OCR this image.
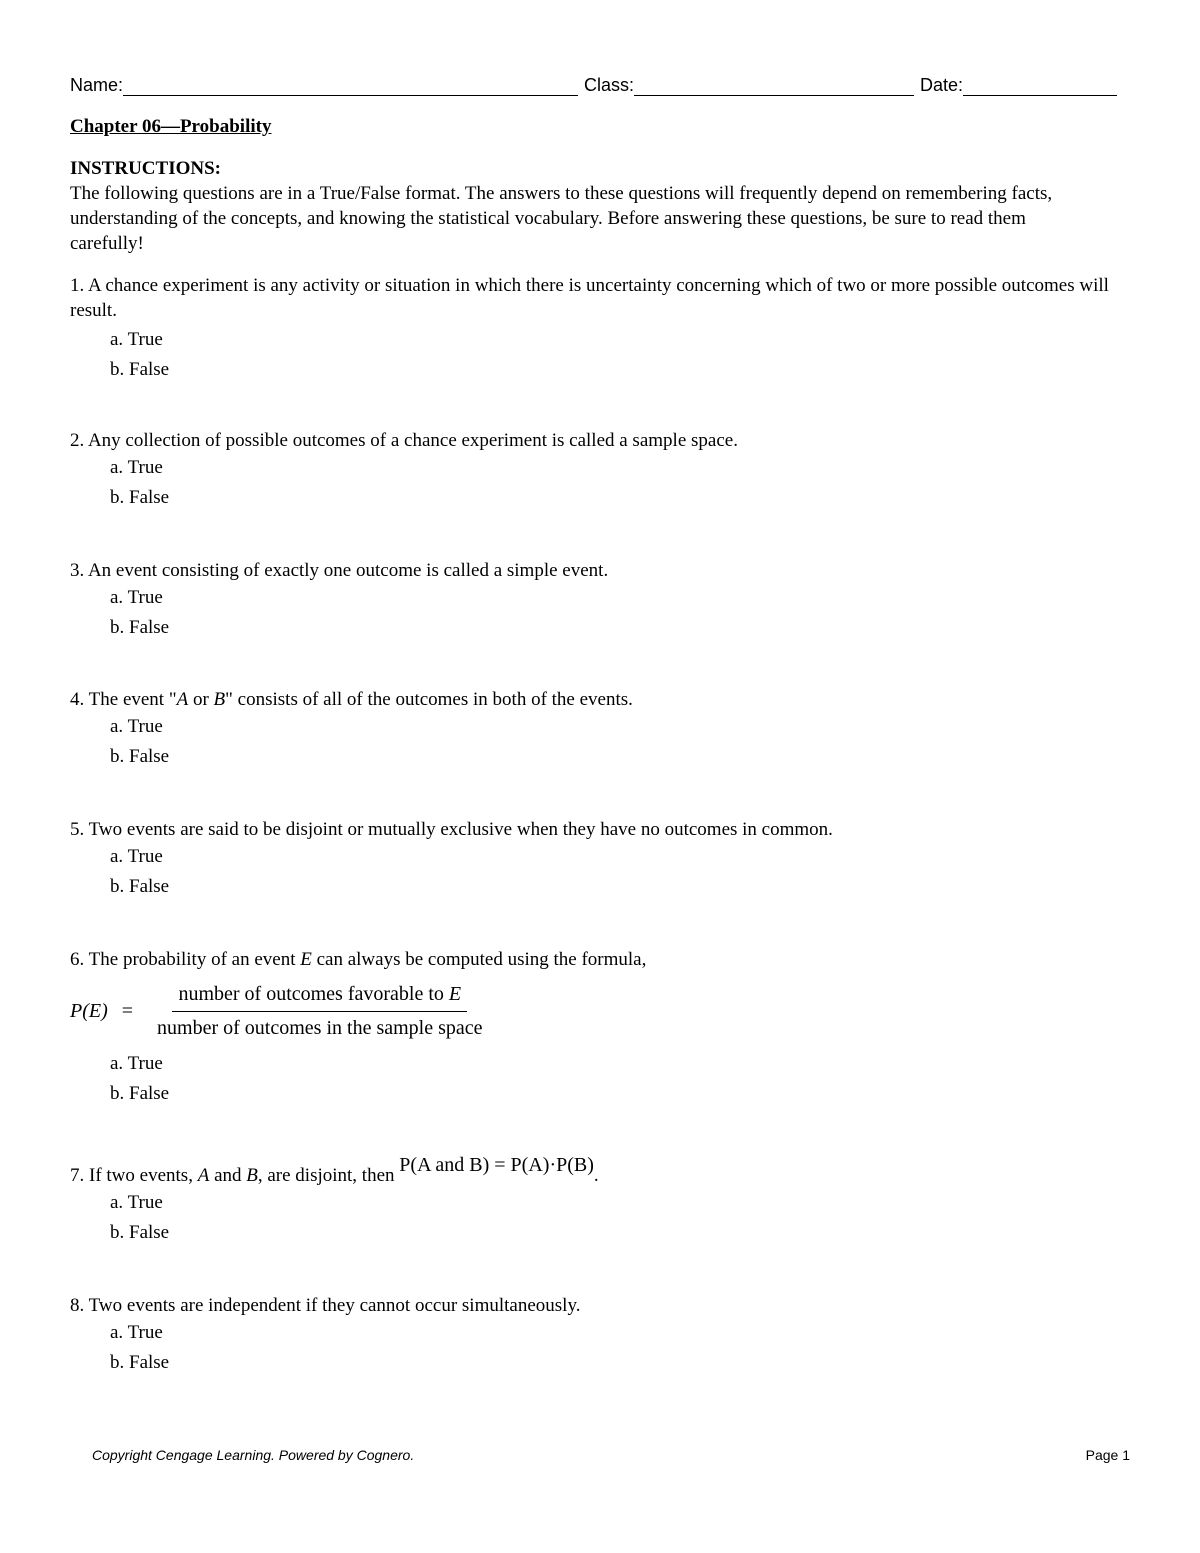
Name:	Class:	Date:
Chapter 06—Probability
INSTRUCTIONS:
The following questions are in a True/False format. The answers to these questions will frequently depend on remembering facts, understanding of the concepts, and knowing the statistical vocabulary. Before answering these questions, be sure to read them carefully!

1. A chance experiment is any activity or situation in which there is uncertainty concerning which of two or more possible outcomes will result.

a. True
b. False

2. Any collection of possible outcomes of a chance experiment is called a sample space.

a. True
b. False

3. An event consisting of exactly one outcome is called a simple event.

a. True
b. False

4. The event "A or B" consists of all of the outcomes in both of the events.

a. True
b. False

5. Two events are said to be disjoint or mutually exclusive when they have no outcomes in common.

a. True
b. False

6. The probability of an event E can always be computed using the formula,

$P(E) = \frac{\text{number of outcomes favorable to E}}{\text{number of outcomes in the sample space}}$
a. True
b. False

7. If two events, A and B, are disjoint, then P(A and B) = P(A)·P(B).

a. True
b. False

8. Two events are independent if they cannot occur simultaneously.

a. True
b. False
Copyright Cengage Learning. Powered by Cognero.	Page 1
